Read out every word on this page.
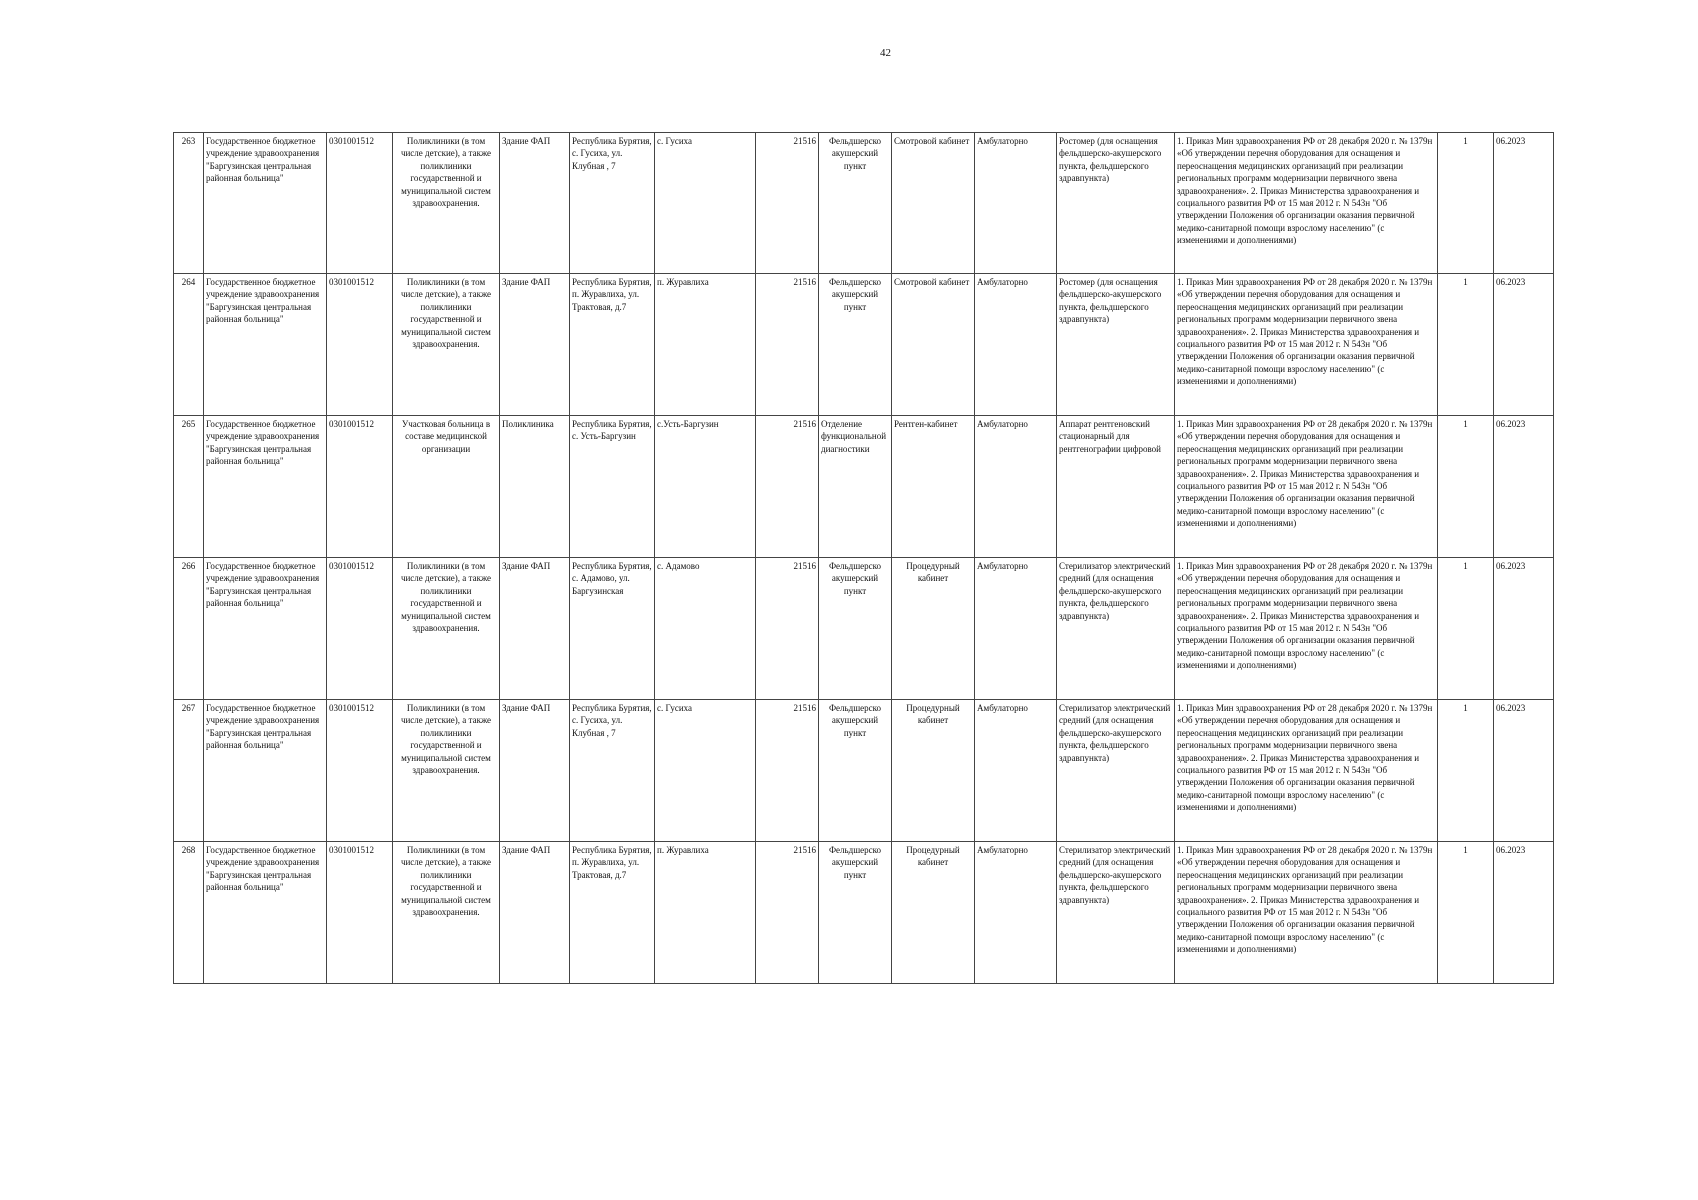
42
263	Государственное бюджетное учреждение здравоохранения "Баргузинская центральная районная больница"	0301001512	Поликлиники (в том числе детские), а также поликлиники государственной и муниципальной систем здравоохранения.	Здание ФАП	Республика Бурятия, с. Гусиха, ул. Клубная , 7	с. Гусиха	21516	Фельдшерско акушерский пункт	Смотровой кабинет	Амбулаторно	Ростомер (для оснащения фельдшерско-акушерского пункта, фельдшерского здравпункта)	1. Приказ Мин здравоохранения РФ от 28 декабря 2020 г. № 1379н «Об утверждении перечня оборудования для оснащения и переоснащения медицинских организаций при реализации региональных программ модернизации первичного звена здравоохранения». 2. Приказ Министерства здравоохранения и социального развития РФ от 15 мая 2012 г. N 543н "Об утверждении Положения об организации оказания первичной медико-санитарной помощи взрослому населению" (с изменениями и дополнениями)	1	06.2023
264	Государственное бюджетное учреждение здравоохранения "Баргузинская центральная районная больница"	0301001512	Поликлиники (в том числе детские), а также поликлиники государственной и муниципальной систем здравоохранения.	Здание ФАП	Республика Бурятия, п. Журавлиха, ул. Трактовая, д.7	п. Журавлиха	21516	Фельдшерско акушерский пункт	Смотровой кабинет	Амбулаторно	Ростомер (для оснащения фельдшерско-акушерского пункта, фельдшерского здравпункта)	1. Приказ Мин здравоохранения РФ от 28 декабря 2020 г. № 1379н «Об утверждении перечня оборудования для оснащения и переоснащения медицинских организаций при реализации региональных программ модернизации первичного звена здравоохранения». 2. Приказ Министерства здравоохранения и социального развития РФ от 15 мая 2012 г. N 543н "Об утверждении Положения об организации оказания первичной медико-санитарной помощи взрослому населению" (с изменениями и дополнениями)	1	06.2023
265	Государственное бюджетное учреждение здравоохранения "Баргузинская центральная районная больница"	0301001512	Участковая больница в составе медицинской организации	Поликлиника	Республика Бурятия, с. Усть-Баргузин	с.Усть-Баргузин	21516	Отделение функциональной диагностики	Рентген-кабинет	Амбулаторно	Аппарат рентгеновский стационарный для рентгенографии цифровой	1. Приказ Мин здравоохранения РФ от 28 декабря 2020 г. № 1379н «Об утверждении перечня оборудования для оснащения и переоснащения медицинских организаций при реализации региональных программ модернизации первичного звена здравоохранения». 2. Приказ Министерства здравоохранения и социального развития РФ от 15 мая 2012 г. N 543н "Об утверждении Положения об организации оказания первичной медико-санитарной помощи взрослому населению" (с изменениями и дополнениями)	1	06.2023
266	Государственное бюджетное учреждение здравоохранения "Баргузинская центральная районная больница"	0301001512	Поликлиники (в том числе детские), а также поликлиники государственной и муниципальной систем здравоохранения.	Здание ФАП	Республика Бурятия, с. Адамово, ул. Баргузинская	с. Адамово	21516	Фельдшерско акушерский пункт	Процедурный кабинет	Амбулаторно	Стерилизатор электрический средний (для оснащения фельдшерско-акушерского пункта, фельдшерского здравпункта)	1. Приказ Мин здравоохранения РФ от 28 декабря 2020 г. № 1379н «Об утверждении перечня оборудования для оснащения и переоснащения медицинских организаций при реализации региональных программ модернизации первичного звена здравоохранения». 2. Приказ Министерства здравоохранения и социального развития РФ от 15 мая 2012 г. N 543н "Об утверждении Положения об организации оказания первичной медико-санитарной помощи взрослому населению" (с изменениями и дополнениями)	1	06.2023
267	Государственное бюджетное учреждение здравоохранения "Баргузинская центральная районная больница"	0301001512	Поликлиники (в том числе детские), а также поликлиники государственной и муниципальной систем здравоохранения.	Здание ФАП	Республика Бурятия, с. Гусиха, ул. Клубная , 7	с. Гусиха	21516	Фельдшерско акушерский пункт	Процедурный кабинет	Амбулаторно	Стерилизатор электрический средний (для оснащения фельдшерско-акушерского пункта, фельдшерского здравпункта)	1. Приказ Мин здравоохранения РФ от 28 декабря 2020 г. № 1379н «Об утверждении перечня оборудования для оснащения и переоснащения медицинских организаций при реализации региональных программ модернизации первичного звена здравоохранения». 2. Приказ Министерства здравоохранения и социального развития РФ от 15 мая 2012 г. N 543н "Об утверждении Положения об организации оказания первичной медико-санитарной помощи взрослому населению" (с изменениями и дополнениями)	1	06.2023
268	Государственное бюджетное учреждение здравоохранения "Баргузинская центральная районная больница"	0301001512	Поликлиники (в том числе детские), а также поликлиники государственной и муниципальной систем здравоохранения.	Здание ФАП	Республика Бурятия, п. Журавлиха, ул. Трактовая, д.7	п. Журавлиха	21516	Фельдшерско акушерский пункт	Процедурный кабинет	Амбулаторно	Стерилизатор электрический средний (для оснащения фельдшерско-акушерского пункта, фельдшерского здравпункта)	1. Приказ Мин здравоохранения РФ от 28 декабря 2020 г. № 1379н «Об утверждении перечня оборудования для оснащения и переоснащения медицинских организаций при реализации региональных программ модернизации первичного звена здравоохранения». 2. Приказ Министерства здравоохранения и социального развития РФ от 15 мая 2012 г. N 543н "Об утверждении Положения об организации оказания первичной медико-санитарной помощи взрослому населению" (с изменениями и дополнениями)	1	06.2023
